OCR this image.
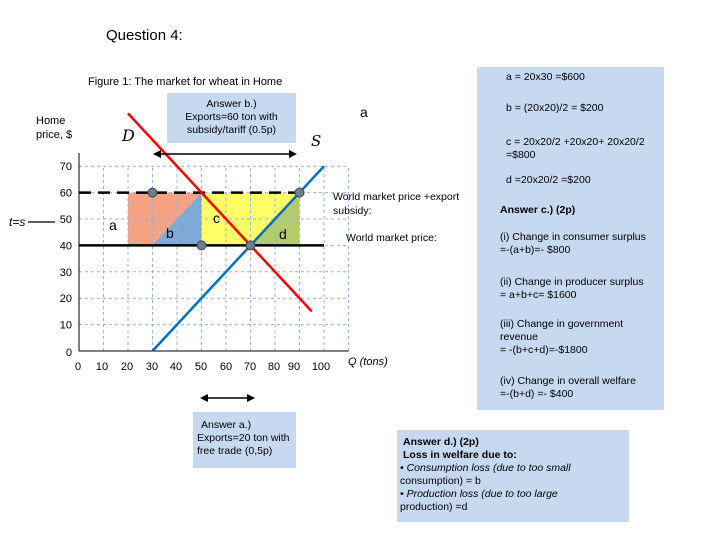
Question 4:
Figure 1: The market for wheat in Home
Home
price, $
a = 20x30 =$600
b = (20x20)/2 = $200
c = 20x20/2 +20x20+ 20x20/2
=$800
d =20x20/2 =$200
Answer c.) (2p)
(i) Change in consumer surplus
=-(a+b)=- $800
(ii) Change in producer surplus
= a+b+c= $1600
(iii) Change in government
revenue
= -(b+c+d)=-$1800
(iv) Change in overall welfare
=-(b+d) =- $400
Answer b.)
Exports=60 ton with
subsidy/tariff (0.5p)
Answer a.)
Exports=20 ton with
free trade (0,5p)
Answer d.) (2p)
Loss in welfare due to:
• Consumption loss (due to too small
consumption) = b
• Production loss (due to too large
production) =d
0 10 20 30 40 50 60 70 80 90 100
0
10
20
30
40
50
60
70
World market price +export
subsidy:
World market price:
D	S
Q (tons)
t=s
a
a	b
c
d
